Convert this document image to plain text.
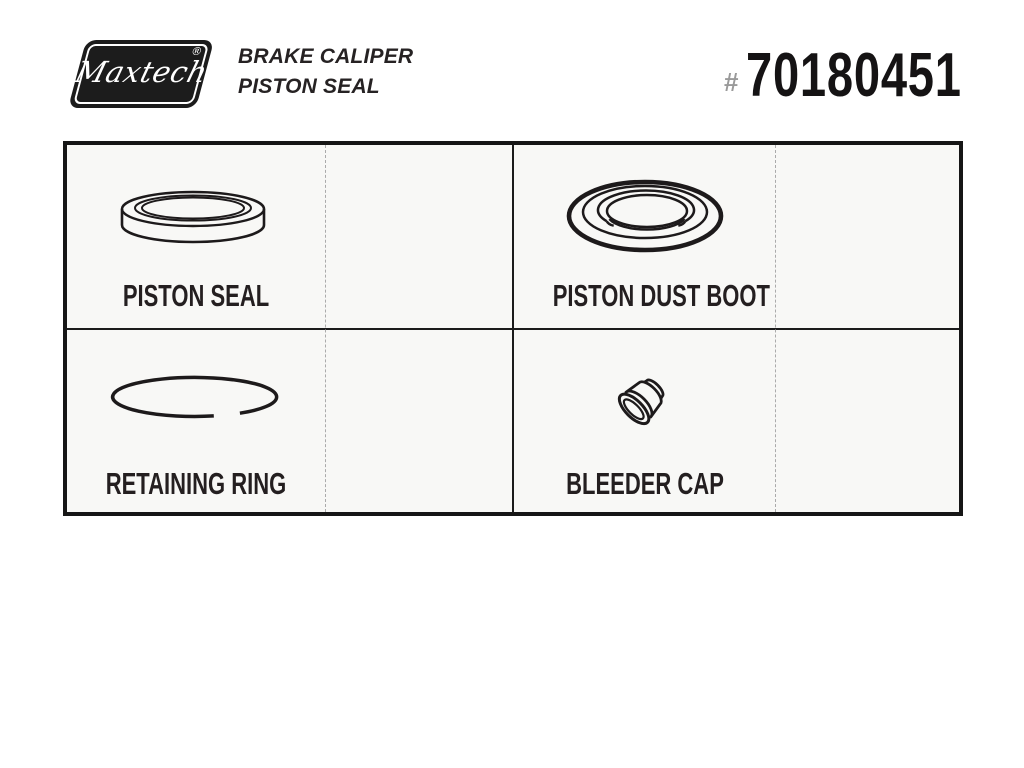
Maxtech
® BRAKE CALIPER
PISTON SEAL	# 70180451
PISTON SEAL	PISTON DUST BOOT
RETAINING RING	BLEEDER CAP
